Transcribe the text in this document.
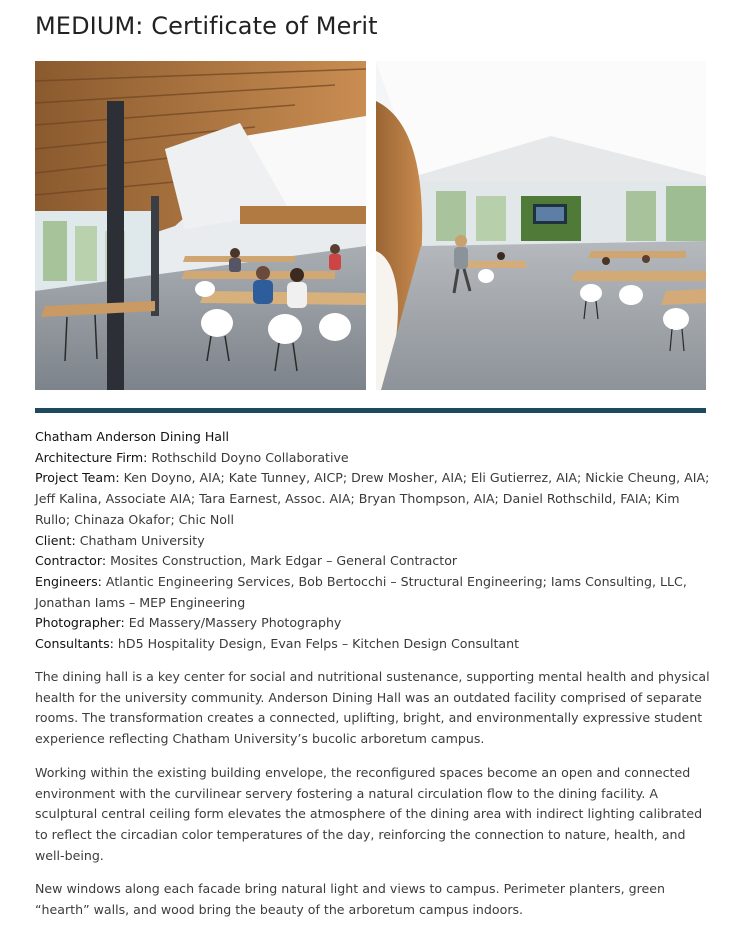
MEDIUM: Certificate of Merit

Chatham Anderson Dining Hall

Architecture Firm: Rothschild Doyno Collaborative

Project Team: Ken Doyno, AIA; Kate Tunney, AICP; Drew Mosher, AIA; Eli Gutierrez, AIA; Nickie Cheung, AIA; Jeff Kalina, Associate AIA; Tara Earnest, Assoc. AIA; Bryan Thompson, AIA; Daniel Rothschild, FAIA; Kim Rullo; Chinaza Okafor; Chic Noll

Client: Chatham University

Contractor: Mosites Construction, Mark Edgar – General Contractor

Engineers: Atlantic Engineering Services, Bob Bertocchi – Structural Engineering; Iams Consulting, LLC, Jonathan Iams – MEP Engineering

Photographer: Ed Massery/Massery Photography

Consultants: hD5 Hospitality Design, Evan Felps – Kitchen Design Consultant

The dining hall is a key center for social and nutritional sustenance, supporting mental health and physical health for the university community. Anderson Dining Hall was an outdated facility comprised of separate rooms. The transformation creates a connected, uplifting, bright, and environmentally expressive student experience reflecting Chatham University’s bucolic arboretum campus.

Working within the existing building envelope, the reconfigured spaces become an open and connected environment with the curvilinear servery fostering a natural circulation flow to the dining facility. A sculptural central ceiling form elevates the atmosphere of the dining area with indirect lighting calibrated to reflect the circadian color temperatures of the day, reinforcing the connection to nature, health, and well-being.

New windows along each facade bring natural light and views to campus. Perimeter planters, green “hearth” walls, and wood bring the beauty of the arboretum campus indoors.
